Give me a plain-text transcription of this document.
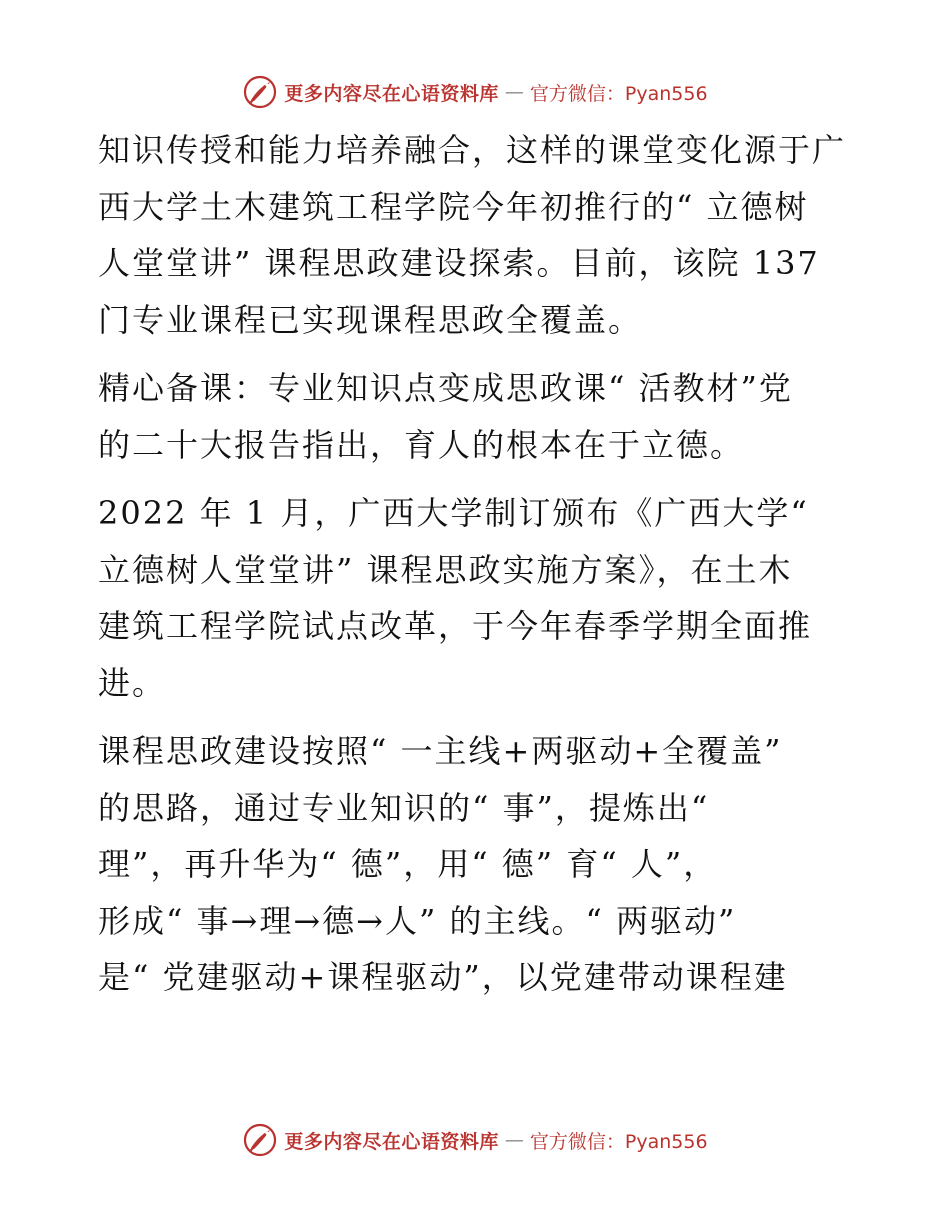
更多内容尽在心语资料库 — 官方微信：Pyan556
知识传授和能力培养融合，这样的课堂变化源于广
西大学土木建筑工程学院今年初推行的“ 立德树
人堂堂讲” 课程思政建设探索。目前，该院 137
门专业课程已实现课程思政全覆盖。
精心备课：专业知识点变成思政课“ 活教材”党
的二十大报告指出，育人的根本在于立德。
2022 年 1 月，广西大学制订颁布《广西大学“
立德树人堂堂讲” 课程思政实施方案》，在土木
建筑工程学院试点改革，于今年春季学期全面推
进。
课程思政建设按照“ 一主线+两驱动+全覆盖”
的思路，通过专业知识的“ 事”，提炼出“
理”，再升华为“ 德”，用“ 德” 育“ 人”，
形成“ 事→理→德→人” 的主线。“ 两驱动”
是“ 党建驱动+课程驱动”，以党建带动课程建
更多内容尽在心语资料库 — 官方微信：Pyan556
